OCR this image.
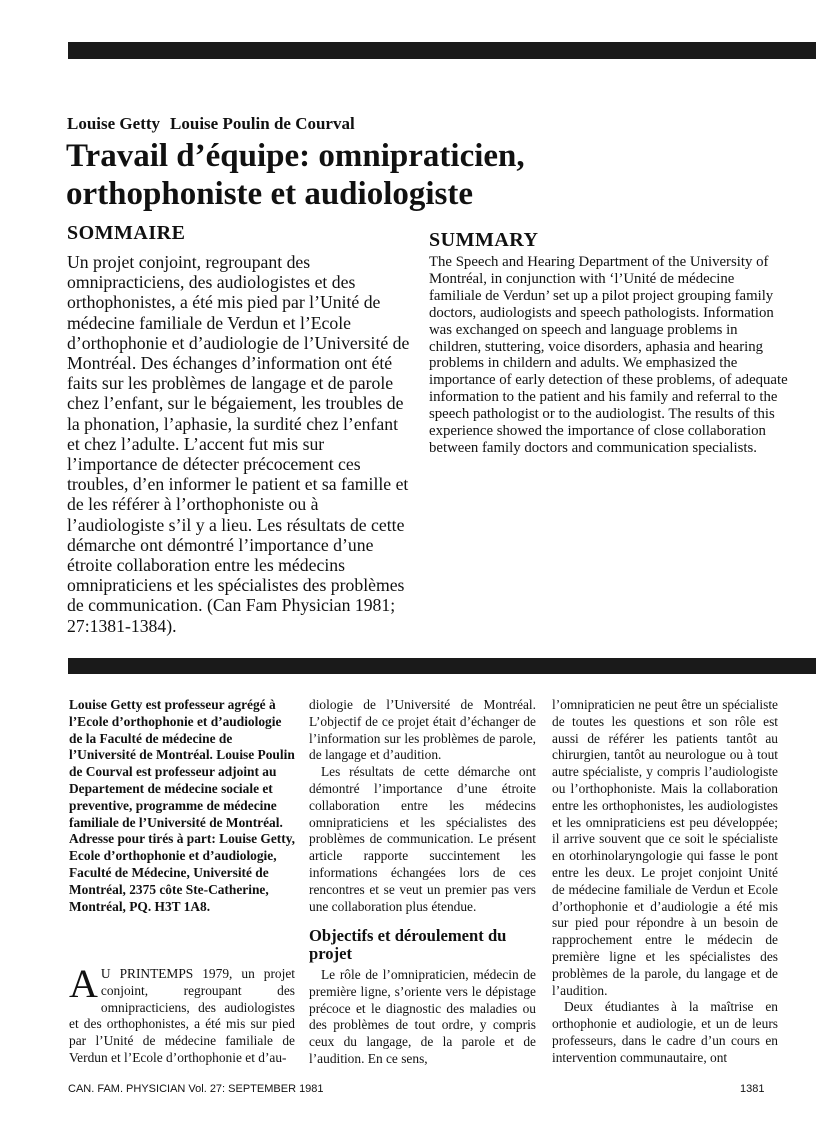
Louise Getty Louise Poulin de Courval
Travail d’équipe: omnipraticien,
orthophoniste et audiologiste
SOMMAIRE	SUMMARY
Un projet conjoint, regroupant des omnipracticiens, des audiologistes et des orthophonistes, a été mis pied par l’Unité de médecine familiale de Verdun et l’Ecole d’orthophonie et d’audiologie de l’Université de Montréal. Des échanges d’information ont été faits sur les problèmes de langage et de parole chez l’enfant, sur le bégaiement, les troubles de la phonation, l’aphasie, la surdité chez l’enfant et chez l’adulte. L’accent fut mis sur l’importance de détecter précocement ces troubles, d’en informer le patient et sa famille et de les référer à l’orthophoniste ou à l’audiologiste s’il y a lieu. Les résultats de cette démarche ont démontré l’importance d’une étroite collaboration entre les médecins omnipraticiens et les spécialistes des problèmes de communication. (Can Fam Physician 1981; 27:1381-1384).
The Speech and Hearing Department of the University of Montréal, in conjunction with ‘l’Unité de médecine familiale de Verdun’ set up a pilot project grouping family doctors, audiologists and speech pathologists. Information was exchanged on speech and language problems in children, stuttering, voice disorders, aphasia and hearing problems in childern and adults. We emphasized the importance of early detection of these problems, of adequate information to the patient and his family and referral to the speech pathologist or to the audiologist. The results of this experience showed the importance of close collaboration between family doctors and communication specialists.
Louise Getty est professeur agrégé à l’Ecole d’orthophonie et d’audiologie de la Faculté de médecine de l’Université de Montréal. Louise Poulin de Courval est professeur adjoint au Departement de médecine sociale et preventive, programme de médecine familiale de l’Université de Montréal. Adresse pour tirés à part: Louise Getty, Ecole d’orthophonie et d’audiologie, Faculté de Médecine, Université de Montréal, 2375 côte Ste-Catherine, Montréal, PQ. H3T 1A8.

A U PRINTEMPS 1979, un projet conjoint, regroupant des omnipracticiens, des audiologistes et des orthophonistes, a été mis sur pied par l’Unité de médecine familiale de Verdun et l’Ecole d’orthophonie et d’au-

diologie de l’Université de Montréal. L’objectif de ce projet était d’échanger de l’information sur les problèmes de parole, de langage et d’audition.

Les résultats de cette démarche ont démontré l’importance d’une étroite collaboration entre les médecins omnipraticiens et les spécialistes des problèmes de communication. Le présent article rapporte succintement les informations échangées lors de ces rencontres et se veut un premier pas vers une collaboration plus étendue.

Objectifs et déroulement du projet

Le rôle de l’omnipraticien, médecin de première ligne, s’oriente vers le dépistage précoce et le diagnostic des maladies ou des problèmes de tout ordre, y compris ceux du langage, de la parole et de l’audition. En ce sens,

l’omnipraticien ne peut être un spécialiste de toutes les questions et son rôle est aussi de référer les patients tantôt au chirurgien, tantôt au neurologue ou à tout autre spécialiste, y compris l’audiologiste ou l’orthophoniste. Mais la collaboration entre les orthophonistes, les audiologistes et les omnipraticiens est peu développée; il arrive souvent que ce soit le spécialiste en otorhinolaryngologie qui fasse le pont entre les deux. Le projet conjoint Unité de médecine familiale de Verdun et Ecole d’orthophonie et d’audiologie a été mis sur pied pour répondre à un besoin de rapprochement entre le médecin de première ligne et les spécialistes des problèmes de la parole, du langage et de l’audition.

Deux étudiantes à la maîtrise en orthophonie et audiologie, et un de leurs professeurs, dans le cadre d’un cours en intervention communautaire, ont

CAN. FAM. PHYSICIAN Vol. 27: SEPTEMBER 1981	1381
